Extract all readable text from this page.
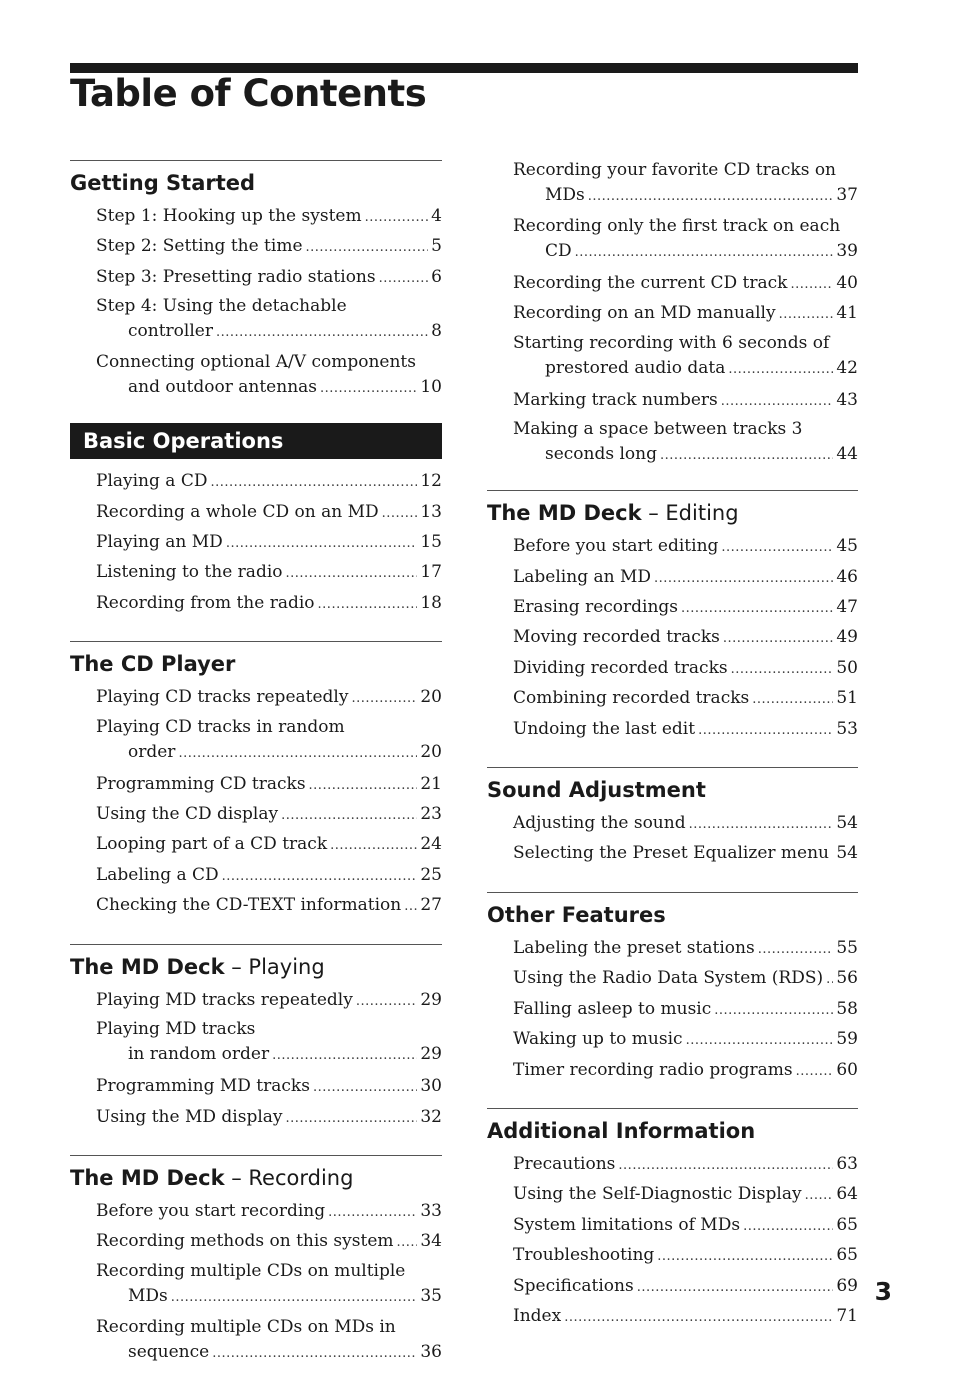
Table of Contents
Getting Started
Step 1: Hooking up the system .....	4
Step 2: Setting the time .....	5
Step 3: Presetting radio stations .....	6
Step 4: Using the detachable
controller .....	8
Connecting optional A/V components
and outdoor antennas .....	10
Basic Operations
Playing a CD .....	12
Recording a whole CD on an MD ..... 13
Playing an MD .....	15
Listening to the radio .....	17
Recording from the radio .....	18
The CD Player
Playing CD tracks repeatedly .....	20
Playing CD tracks in random
order .....	20
Programming CD tracks .....	21
Using the CD display .....	23
Looping part of a CD track .....	24
Labeling a CD .....	25
Checking the CD-TEXT information ..... 27
The MD Deck – Playing
Playing MD tracks repeatedly .....	29
Playing MD tracks
in random order .....	29
Programming MD tracks .....	30
Using the MD display .....	32
The MD Deck – Recording
Before you start recording .....	33
Recording methods on this system ..... 34
Recording multiple CDs on multiple
MDs .....	35
Recording multiple CDs on MDs in
sequence .....	36
Recording your favorite CD tracks on
MDs .....	37
Recording only the first track on each
CD .....	39
Recording the current CD track .....	40
Recording on an MD manually .....	41
Starting recording with 6 seconds of
prestored audio data .....	42
Marking track numbers .....	43
Making a space between tracks 3
seconds long .....	44
The MD Deck – Editing
Before you start editing .....	45
Labeling an MD .....	46
Erasing recordings .....	47
Moving recorded tracks .....	49
Dividing recorded tracks .....	50
Combining recorded tracks .....	51
Undoing the last edit .....	53
Sound Adjustment
Adjusting the sound .....	54
Selecting the Preset Equalizer menu ..... 54
Other Features
Labeling the preset stations .....	55
Using the Radio Data System (RDS) ..... 56
Falling asleep to music .....	58
Waking up to music .....	59
Timer recording radio programs .....	60
Additional Information
Precautions .....	63
Using the Self-Diagnostic Display ..... 64
System limitations of MDs .....	65
Troubleshooting .....	65
Specifications .....	69
Index .....	71
3
